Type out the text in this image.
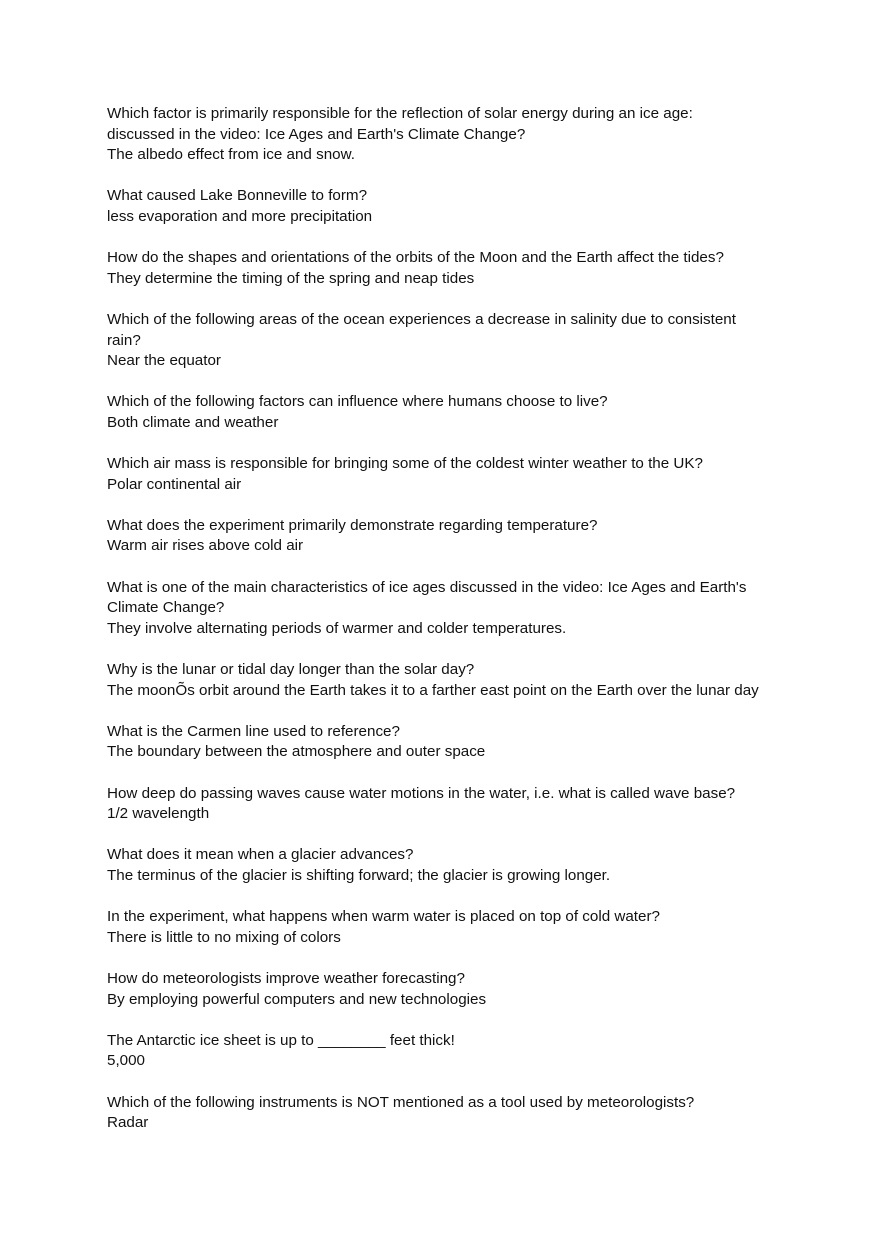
Which factor is primarily responsible for the reflection of solar energy during an ice age:
discussed in the video: Ice Ages and Earth's Climate Change?

The albedo effect from ice and snow.

What caused Lake Bonneville to form?

less evaporation and more precipitation

How do the shapes and orientations of the orbits of the Moon and the Earth affect the tides?

They determine the timing of the spring and neap tides

Which of the following areas of the ocean experiences a decrease in salinity due to consistent
rain?

Near the equator

Which of the following factors can influence where humans choose to live?

Both climate and weather

Which air mass is responsible for bringing some of the coldest winter weather to the UK?

Polar continental air

What does the experiment primarily demonstrate regarding temperature?

Warm air rises above cold air

What is one of the main characteristics of ice ages discussed in the video: Ice Ages and Earth's
Climate Change?

They involve alternating periods of warmer and colder temperatures.

Why is the lunar or tidal day longer than the solar day?

The moonÕs orbit around the Earth takes it to a farther east point on the Earth over the lunar day

What is the Carmen line used to reference?

The boundary between the atmosphere and outer space

How deep do passing waves cause water motions in the water, i.e. what is called wave base?

1/2 wavelength

What does it mean when a glacier advances?

The terminus of the glacier is shifting forward; the glacier is growing longer.

In the experiment, what happens when warm water is placed on top of cold water?

There is little to no mixing of colors

How do meteorologists improve weather forecasting?

By employing powerful computers and new technologies

The Antarctic ice sheet is up to ________ feet thick!

5,000

Which of the following instruments is NOT mentioned as a tool used by meteorologists?

Radar
